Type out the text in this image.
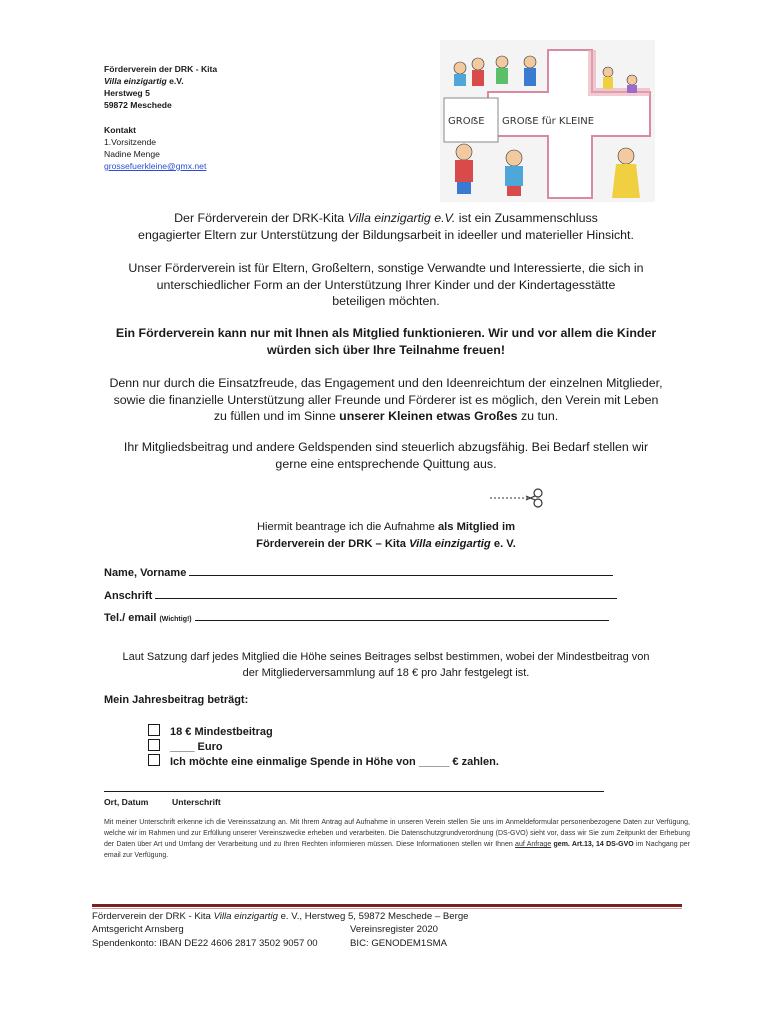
Förderverein der DRK - Kita
Villa einzigartig e.V.
Herstweg 5
59872 Meschede
Kontakt
1.Vorsitzende
Nadine Menge
grossefuerkleine@gmx.net
GROẞE GROẞE für KLEINE
Der Förderverein der DRK-Kita Villa einzigartig e.V. ist ein Zusammenschluss
engagierter Eltern zur Unterstützung der Bildungsarbeit in ideeller und materieller Hinsicht.
Unser Förderverein ist für Eltern, Großeltern, sonstige Verwandte und Interessierte, die sich in
unterschiedlicher Form an der Unterstützung Ihrer Kinder und der Kindertagesstätte
beteiligen möchten.
Ein Förderverein kann nur mit Ihnen als Mitglied funktionieren. Wir und vor allem die Kinder
würden sich über Ihre Teilnahme freuen!
Denn nur durch die Einsatzfreude, das Engagement und den Ideenreichtum der einzelnen Mitglieder,
sowie die finanzielle Unterstützung aller Freunde und Förderer ist es möglich, den Verein mit Leben
zu füllen und im Sinne unserer Kleinen etwas Großes zu tun.
Ihr Mitgliedsbeitrag und andere Geldspenden sind steuerlich abzugsfähig. Bei Bedarf stellen wir
gerne eine entsprechende Quittung aus.
Hiermit beantrage ich die Aufnahme als Mitglied im
Förderverein der DRK – Kita Villa einzigartig e. V.
Name, Vorname
Anschrift
Tel./ email (Wichtig!)
Laut Satzung darf jedes Mitglied die Höhe seines Beitrages selbst bestimmen, wobei der Mindestbeitrag von
der Mitgliederversammlung auf 18 € pro Jahr festgelegt ist.
Mein Jahresbeitrag beträgt:
18 € Mindestbeitrag
____ Euro
Ich möchte eine einmalige Spende in Höhe von _____ € zahlen.
Ort, Datum	Unterschrift
Mit meiner Unterschrift erkenne ich die Vereinssatzung an. Mit Ihrem Antrag auf Aufnahme in unseren Verein stellen Sie uns im Anmeldeformular personenbezogene Daten zur Verfügung, welche wir im Rahmen und zur Erfüllung unserer Vereinszwecke erheben und verarbeiten. Die Datenschutzgrundverordnung (DS-GVO) sieht vor, dass wir Sie zum Zeitpunkt der Erhebung der Daten über Art und Umfang der Verarbeitung und zu Ihren Rechten informieren müssen. Diese Informationen stellen wir Ihnen auf Anfrage gem. Art.13, 14 DS-GVO im Nachgang per email zur Verfügung.
Förderverein der DRK - Kita Villa einzigartig e. V., Herstweg 5, 59872 Meschede – Berge
Amtsgericht Arnsberg	Vereinsregister 2020
Spendenkonto: IBAN DE22 4606 2817 3502 9057 00	BIC: GENODEM1SMA
